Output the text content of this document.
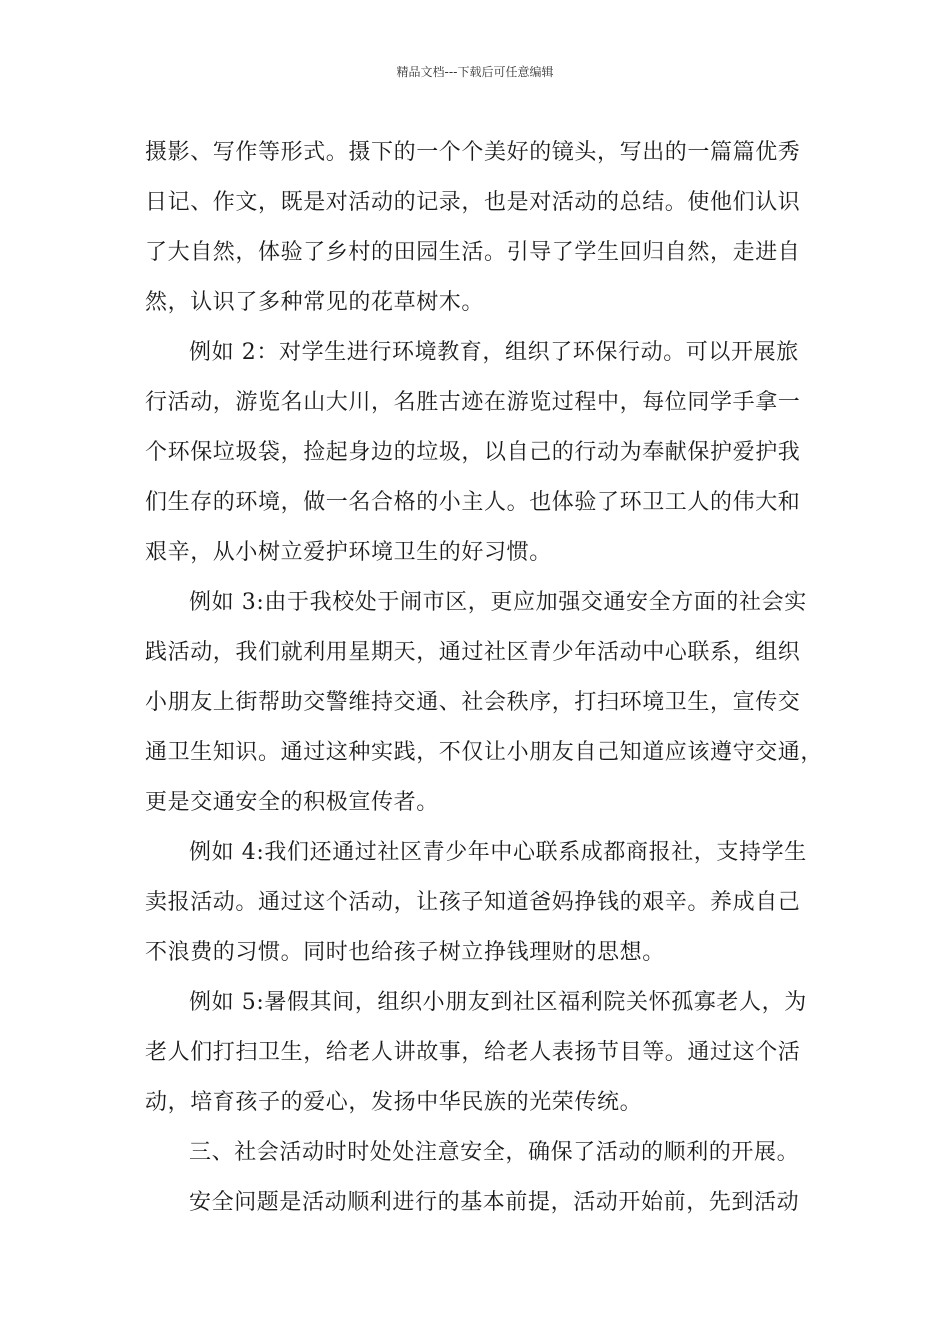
精品文档---下载后可任意编辑
摄影、写作等形式。摄下的一个个美好的镜头，写出的一篇篇优秀
日记、作文，既是对活动的记录，也是对活动的总结。使他们认识
了大自然，体验了乡村的田园生活。引导了学生回归自然，走进自
然，认识了多种常见的花草树木。
例如 2：对学生进行环境教育，组织了环保行动。可以开展旅
行活动，游览名山大川，名胜古迹在游览过程中，每位同学手拿一
个环保垃圾袋，捡起身边的垃圾，以自己的行动为奉献保护爱护我
们生存的环境，做一名合格的小主人。也体验了环卫工人的伟大和
艰辛，从小树立爱护环境卫生的好习惯。
例如 3:由于我校处于闹市区，更应加强交通安全方面的社会实
践活动，我们就利用星期天，通过社区青少年活动中心联系，组织
小朋友上街帮助交警维持交通、社会秩序，打扫环境卫生，宣传交
通卫生知识。通过这种实践，不仅让小朋友自己知道应该遵守交通，
更是交通安全的积极宣传者。
例如 4:我们还通过社区青少年中心联系成都商报社，支持学生
卖报活动。通过这个活动，让孩子知道爸妈挣钱的艰辛。养成自己
不浪费的习惯。同时也给孩子树立挣钱理财的思想。
例如 5:暑假其间，组织小朋友到社区福利院关怀孤寡老人，为
老人们打扫卫生，给老人讲故事，给老人表扬节目等。通过这个活
动，培育孩子的爱心，发扬中华民族的光荣传统。
三、社会活动时时处处注意安全，确保了活动的顺利的开展。
安全问题是活动顺利进行的基本前提，活动开始前，先到活动
